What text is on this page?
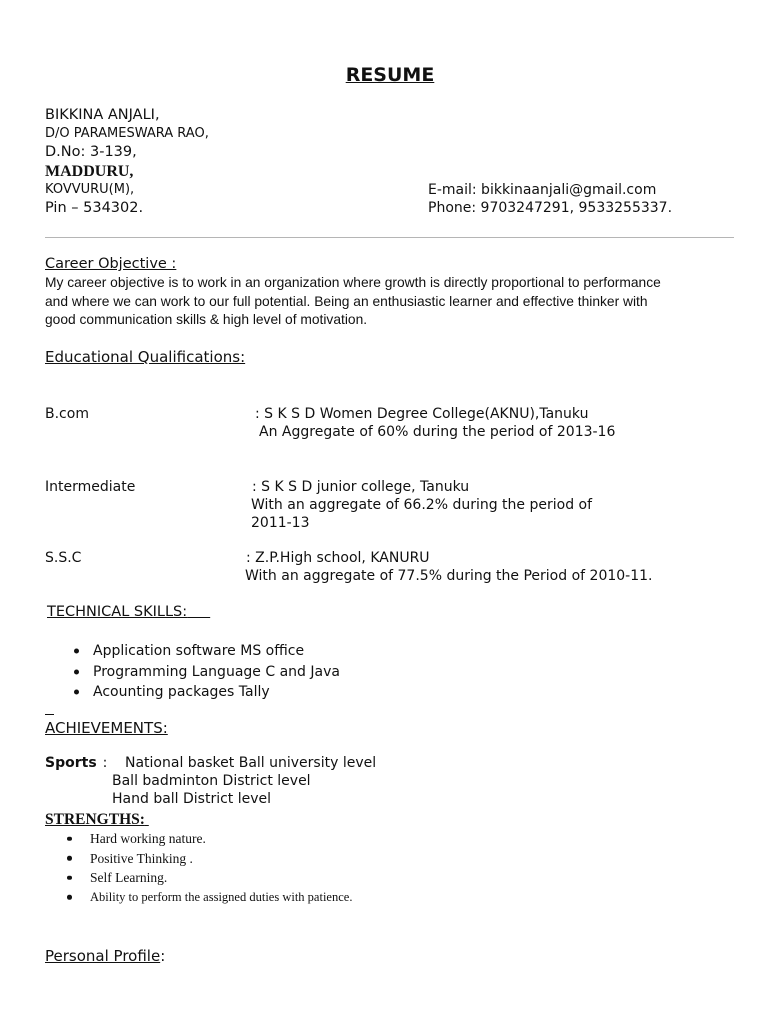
RESUME
BIKKINA ANJALI,
D/O PARAMESWARA RAO,
D.No: 3-139,
MADDURU,
KOVVURU(M),
Pin – 534302.
E-mail: bikkinaanjali@gmail.com
Phone: 9703247291, 9533255337.
Career Objective :

My career objective is to work in an organization where growth is directly proportional to performance

and where we can work to our full potential. Being an enthusiastic learner and effective thinker with

good communication skills & high level of motivation.

Educational Qualifications:
B.com	: S K S D Women Degree College(AKNU),Tanuku
An Aggregate of 60% during the period of 2013-16
Intermediate	: S K S D junior college, Tanuku
With an aggregate of 66.2% during the period of
2011-13
S.S.C	: Z.P.High school, KANURU
With an aggregate of 77.5% during the Period of 2010-11.
TECHNICAL SKILLS:
Application software MS office
Programming Language C and Java
Acounting packages Tally
ACHIEVEMENTS:
Sports : National basket Ball university level
Ball badminton District level
Hand ball District level
STRENGTHS:
Hard working nature.
Positive Thinking .
Self Learning.
Ability to perform the assigned duties with patience.
Personal Profile:
